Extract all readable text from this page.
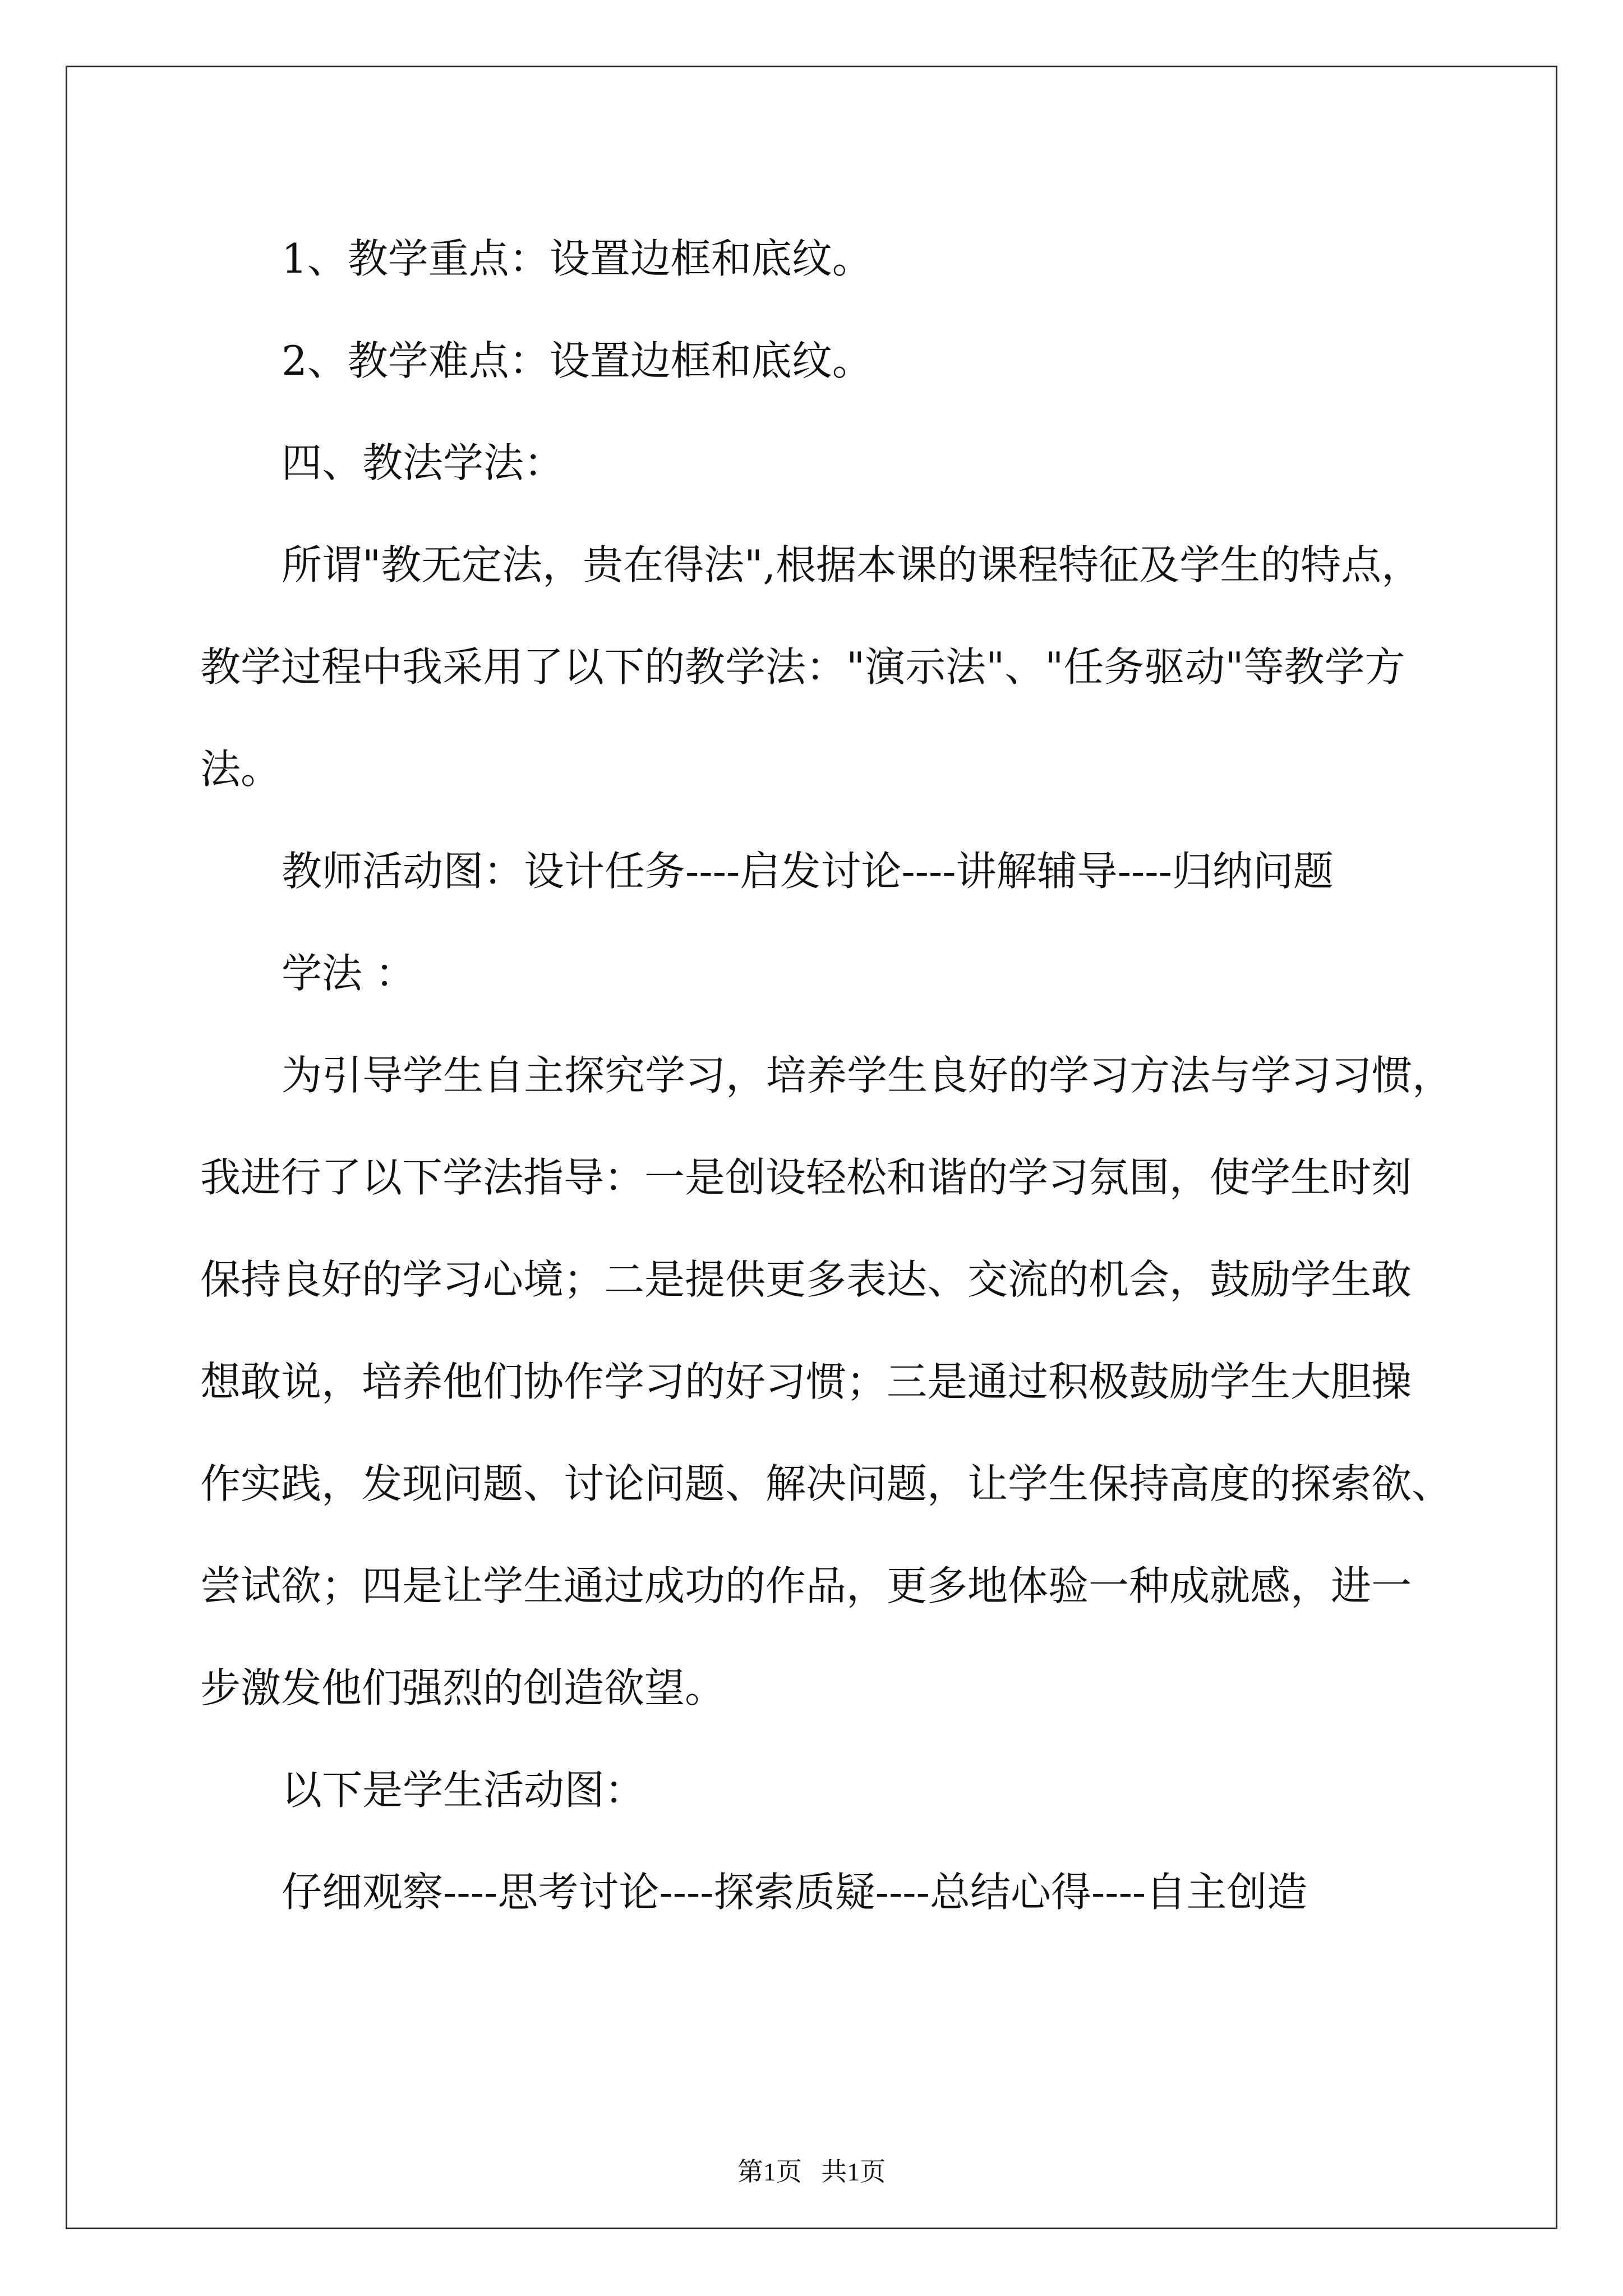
1、教学重点：设置边框和底纹。
2、教学难点：设置边框和底纹。
四、教法学法：
所谓"教无定法，贵在得法",根据本课的课程特征及学生的特点，
教学过程中我采用了以下的教学法："演示法"、"任务驱动"等教学方
法。
教师活动图：设计任务----启发讨论----讲解辅导----归纳问题
学法 ：
为引导学生自主探究学习，培养学生良好的学习方法与学习习惯，
我进行了以下学法指导：一是创设轻松和谐的学习氛围，使学生时刻
保持良好的学习心境；二是提供更多表达、交流的机会，鼓励学生敢
想敢说，培养他们协作学习的好习惯；三是通过积极鼓励学生大胆操
作实践，发现问题、讨论问题、解决问题，让学生保持高度的探索欲、
尝试欲；四是让学生通过成功的作品，更多地体验一种成就感，进一
步激发他们强烈的创造欲望。
以下是学生活动图：
仔细观察----思考讨论----探索质疑----总结心得----自主创造
第1页   共1页
